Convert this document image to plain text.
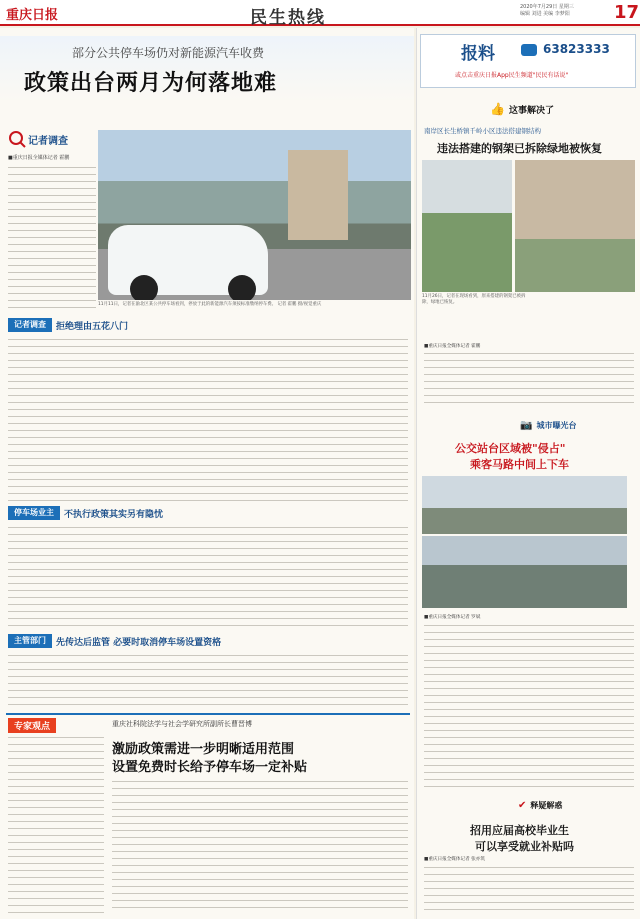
重庆日报	民生热线
2020年7月29日 星期三
编辑 刘进 美编 李梦阳	17
部分公共停车场仍对新能源汽车收费
政策出台两月为何落地难
记者调查
■重庆日报全媒体记者 霍鹏
11月11日，记者在渝北区某公共停车场看到，停放于此的新能源汽车须按标准缴纳停车费。 记者 霍鹏 摄/视觉重庆
记者调查	拒绝理由五花八门
停车场业主	不执行政策其实另有隐忧
主管部门	先传达后监管 必要时取消停车场设置资格
专家观点	重庆社科院法学与社会学研究所副所长曹晋博
激励政策需进一步明晰适用范围
设置免费时长给予停车场一定补贴
报料	63823333
或点击重庆日报App民生频道"民民有话说"
👍 这事解决了
南岸区长生桥镇千岭小区违法搭建钢结构
违法搭建的钢架已拆除绿地被恢复
11月26日，记者在现场看到，原来搭建的钢架已被拆除，绿地已恢复。
■重庆日报全媒体记者 霍鹏
📷 城市曝光台
公交站台区域被"侵占"
乘客马路中间上下车
■重庆日报全媒体记者 罗斌
✔ 释疑解惑
招用应届高校毕业生
可以享受就业补贴吗
■重庆日报全媒体记者 张亦筑
